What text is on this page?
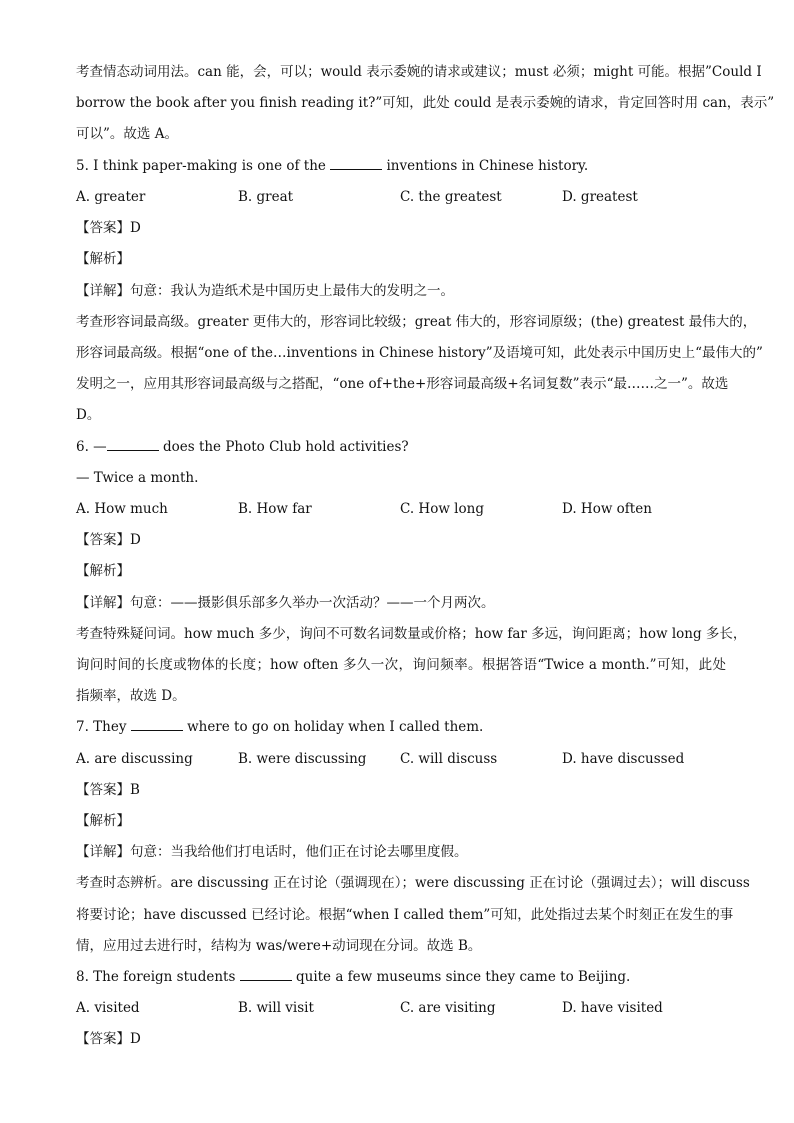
考查情态动词用法。can 能，会，可以；would 表示委婉的请求或建议；must 必须；might 可能。根据”Could I
borrow the book after you finish reading it?”可知，此处 could 是表示委婉的请求，肯定回答时用 can，表示”
可以”。故选 A。
5. I think paper-making is one of the	inventions in Chinese history.
A. greater	B. great	C. the greatest	D. greatest
【答案】D
【解析】
【详解】句意：我认为造纸术是中国历史上最伟大的发明之一。
考查形容词最高级。greater 更伟大的，形容词比较级；great 伟大的，形容词原级；(the) greatest 最伟大的，
形容词最高级。根据“one of the…inventions in Chinese history”及语境可知，此处表示中国历史上“最伟大的”
发明之一，应用其形容词最高级与之搭配，“one of+the+形容词最高级+名词复数”表示“最……之一”。故选
D。
6. —	does the Photo Club hold activities?
— Twice a month.
A. How much	B. How far	C. How long	D. How often
【答案】D
【解析】
【详解】句意：——摄影俱乐部多久举办一次活动？——一个月两次。
考查特殊疑问词。how much 多少，询问不可数名词数量或价格；how far 多远，询问距离；how long 多长，
询问时间的长度或物体的长度；how often 多久一次，询问频率。根据答语“Twice a month.”可知，此处
指频率，故选 D。
7. They	where to go on holiday when I called them.
A. are discussing	B. were discussing C. will discuss	D. have discussed
【答案】B
【解析】
【详解】句意：当我给他们打电话时，他们正在讨论去哪里度假。
考查时态辨析。are discussing 正在讨论（强调现在）；were discussing 正在讨论（强调过去）；will discuss
将要讨论；have discussed 已经讨论。根据“when I called them”可知，此处指过去某个时刻正在发生的事
情，应用过去进行时，结构为 was/were+动词现在分词。故选 B。
8. The foreign students	quite a few museums since they came to Beijing.
A. visited	B. will visit	C. are visiting	D. have visited
【答案】D
